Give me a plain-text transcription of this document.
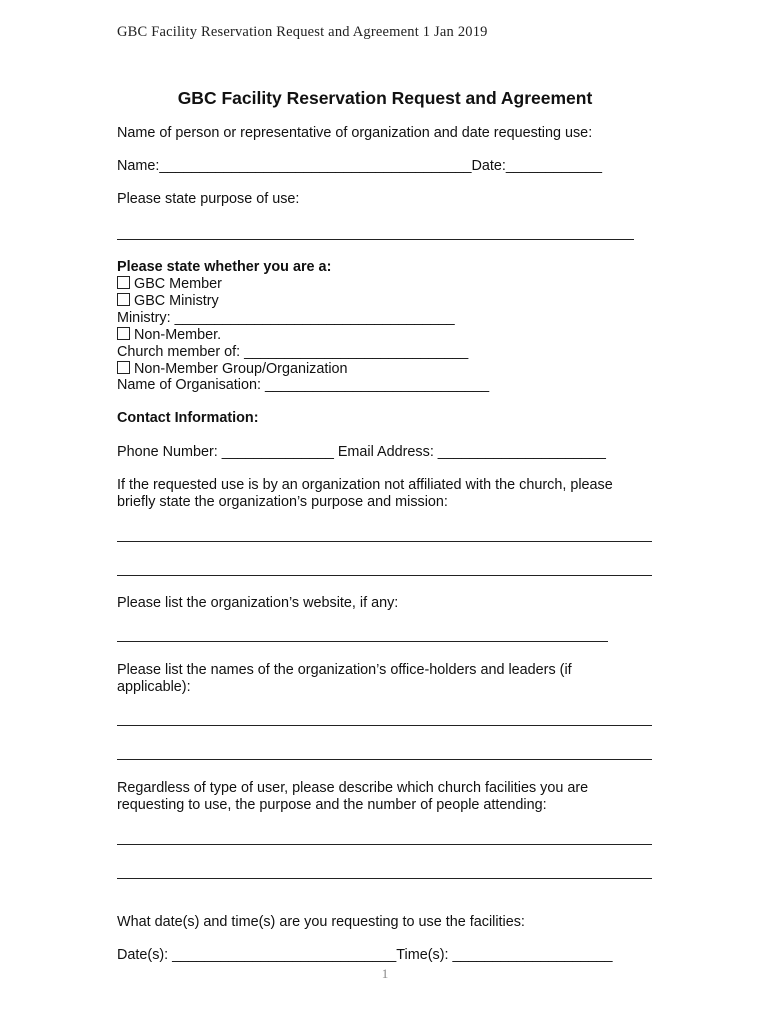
GBC Facility Reservation Request and Agreement 1 Jan 2019
GBC Facility Reservation Request and Agreement
Name of person or representative of organization and date requesting use:
Name:_______________________________________Date:____________
Please state purpose of use:
Please state whether you are a:
GBC Member
GBC Ministry
Ministry: ___________________________________
Non-Member.
Church member of: ____________________________
Non-Member Group/Organization
Name of Organisation: ____________________________
Contact Information:
Phone Number: ______________ Email Address: _____________________
If the requested use is by an organization not affiliated with the church, please
briefly state the organization’s purpose and mission:
Please list the organization’s website, if any:
Please list the names of the organization’s office-holders and leaders (if
applicable):
Regardless of type of user, please describe which church facilities you are
requesting to use, the purpose and the number of people attending:
What date(s) and time(s) are you requesting to use the facilities:
Date(s): ____________________________Time(s): ____________________
1
